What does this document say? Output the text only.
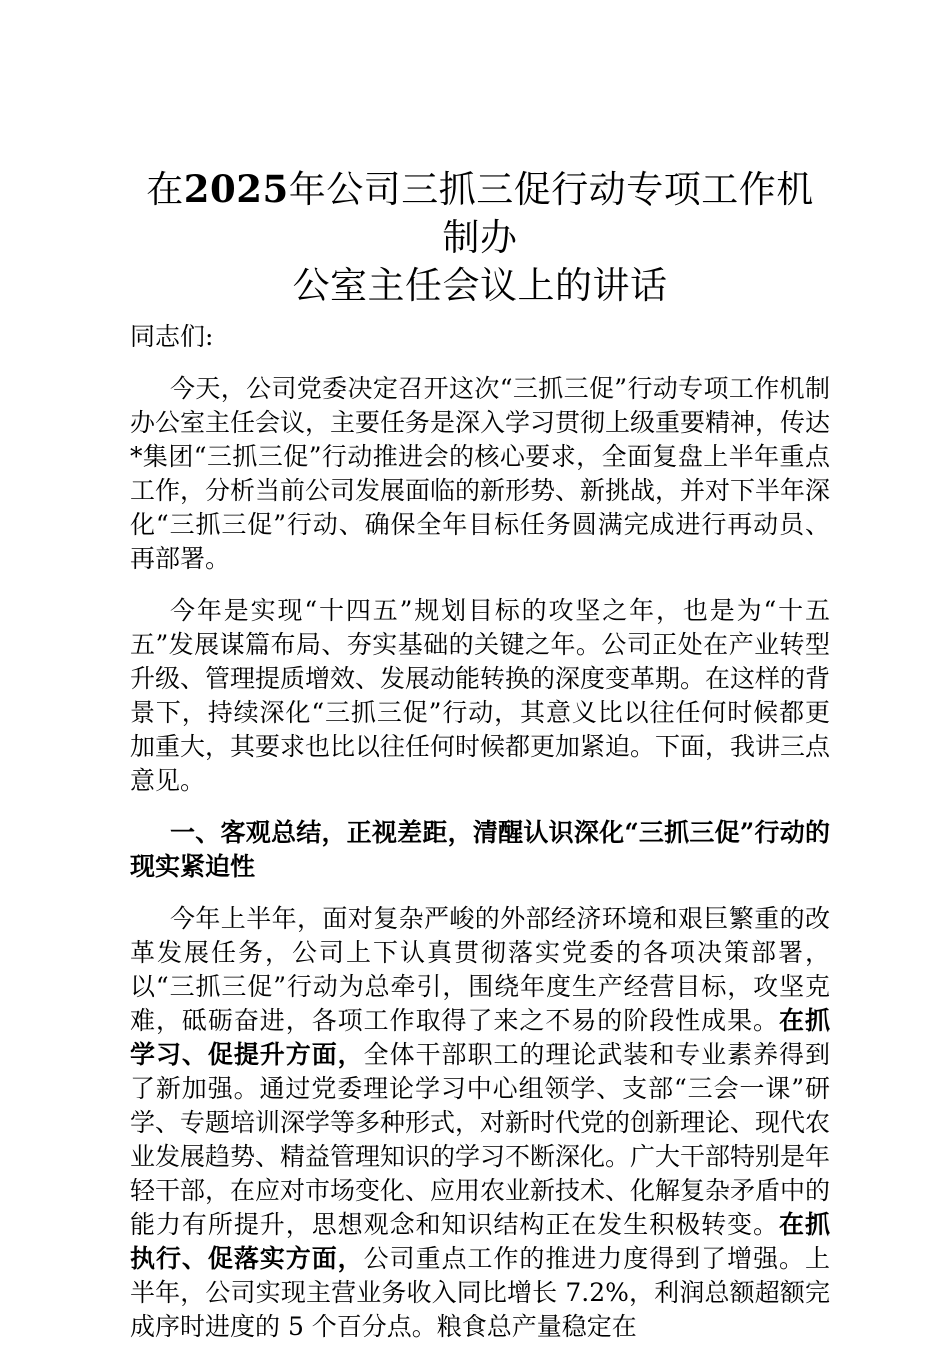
在2025年公司三抓三促行动专项工作机制办
公室主任会议上的讲话

同志们:

今天，公司党委决定召开这次“三抓三促”行动专项工作机制办公室主任会议，主要任务是深入学习贯彻上级重要精神，传达*集团“三抓三促”行动推进会的核心要求，全面复盘上半年重点工作，分析当前公司发展面临的新形势、新挑战，并对下半年深化“三抓三促”行动、确保全年目标任务圆满完成进行再动员、再部署。

今年是实现“十四五”规划目标的攻坚之年，也是为“十五五”发展谋篇布局、夯实基础的关键之年。公司正处在产业转型升级、管理提质增效、发展动能转换的深度变革期。在这样的背景下，持续深化“三抓三促”行动，其意义比以往任何时候都更加重大，其要求也比以往任何时候都更加紧迫。下面，我讲三点意见。

一、客观总结，正视差距，清醒认识深化“三抓三促”行动的现实紧迫性

今年上半年，面对复杂严峻的外部经济环境和艰巨繁重的改革发展任务，公司上下认真贯彻落实党委的各项决策部署，以“三抓三促”行动为总牵引，围绕年度生产经营目标，攻坚克难，砥砺奋进，各项工作取得了来之不易的阶段性成果。在抓学习、促提升方面，全体干部职工的理论武装和专业素养得到了新加强。通过党委理论学习中心组领学、支部“三会一课”研学、专题培训深学等多种形式，对新时代党的创新理论、现代农业发展趋势、精益管理知识的学习不断深化。广大干部特别是年轻干部，在应对市场变化、应用农业新技术、化解复杂矛盾中的能力有所提升，思想观念和知识结构正在发生积极转变。在抓执行、促落实方面，公司重点工作的推进力度得到了增强。上半年，公司实现主营业务收入同比增长 7.2%，利润总额超额完成序时进度的 5 个百分点。粮食总产量稳定在
